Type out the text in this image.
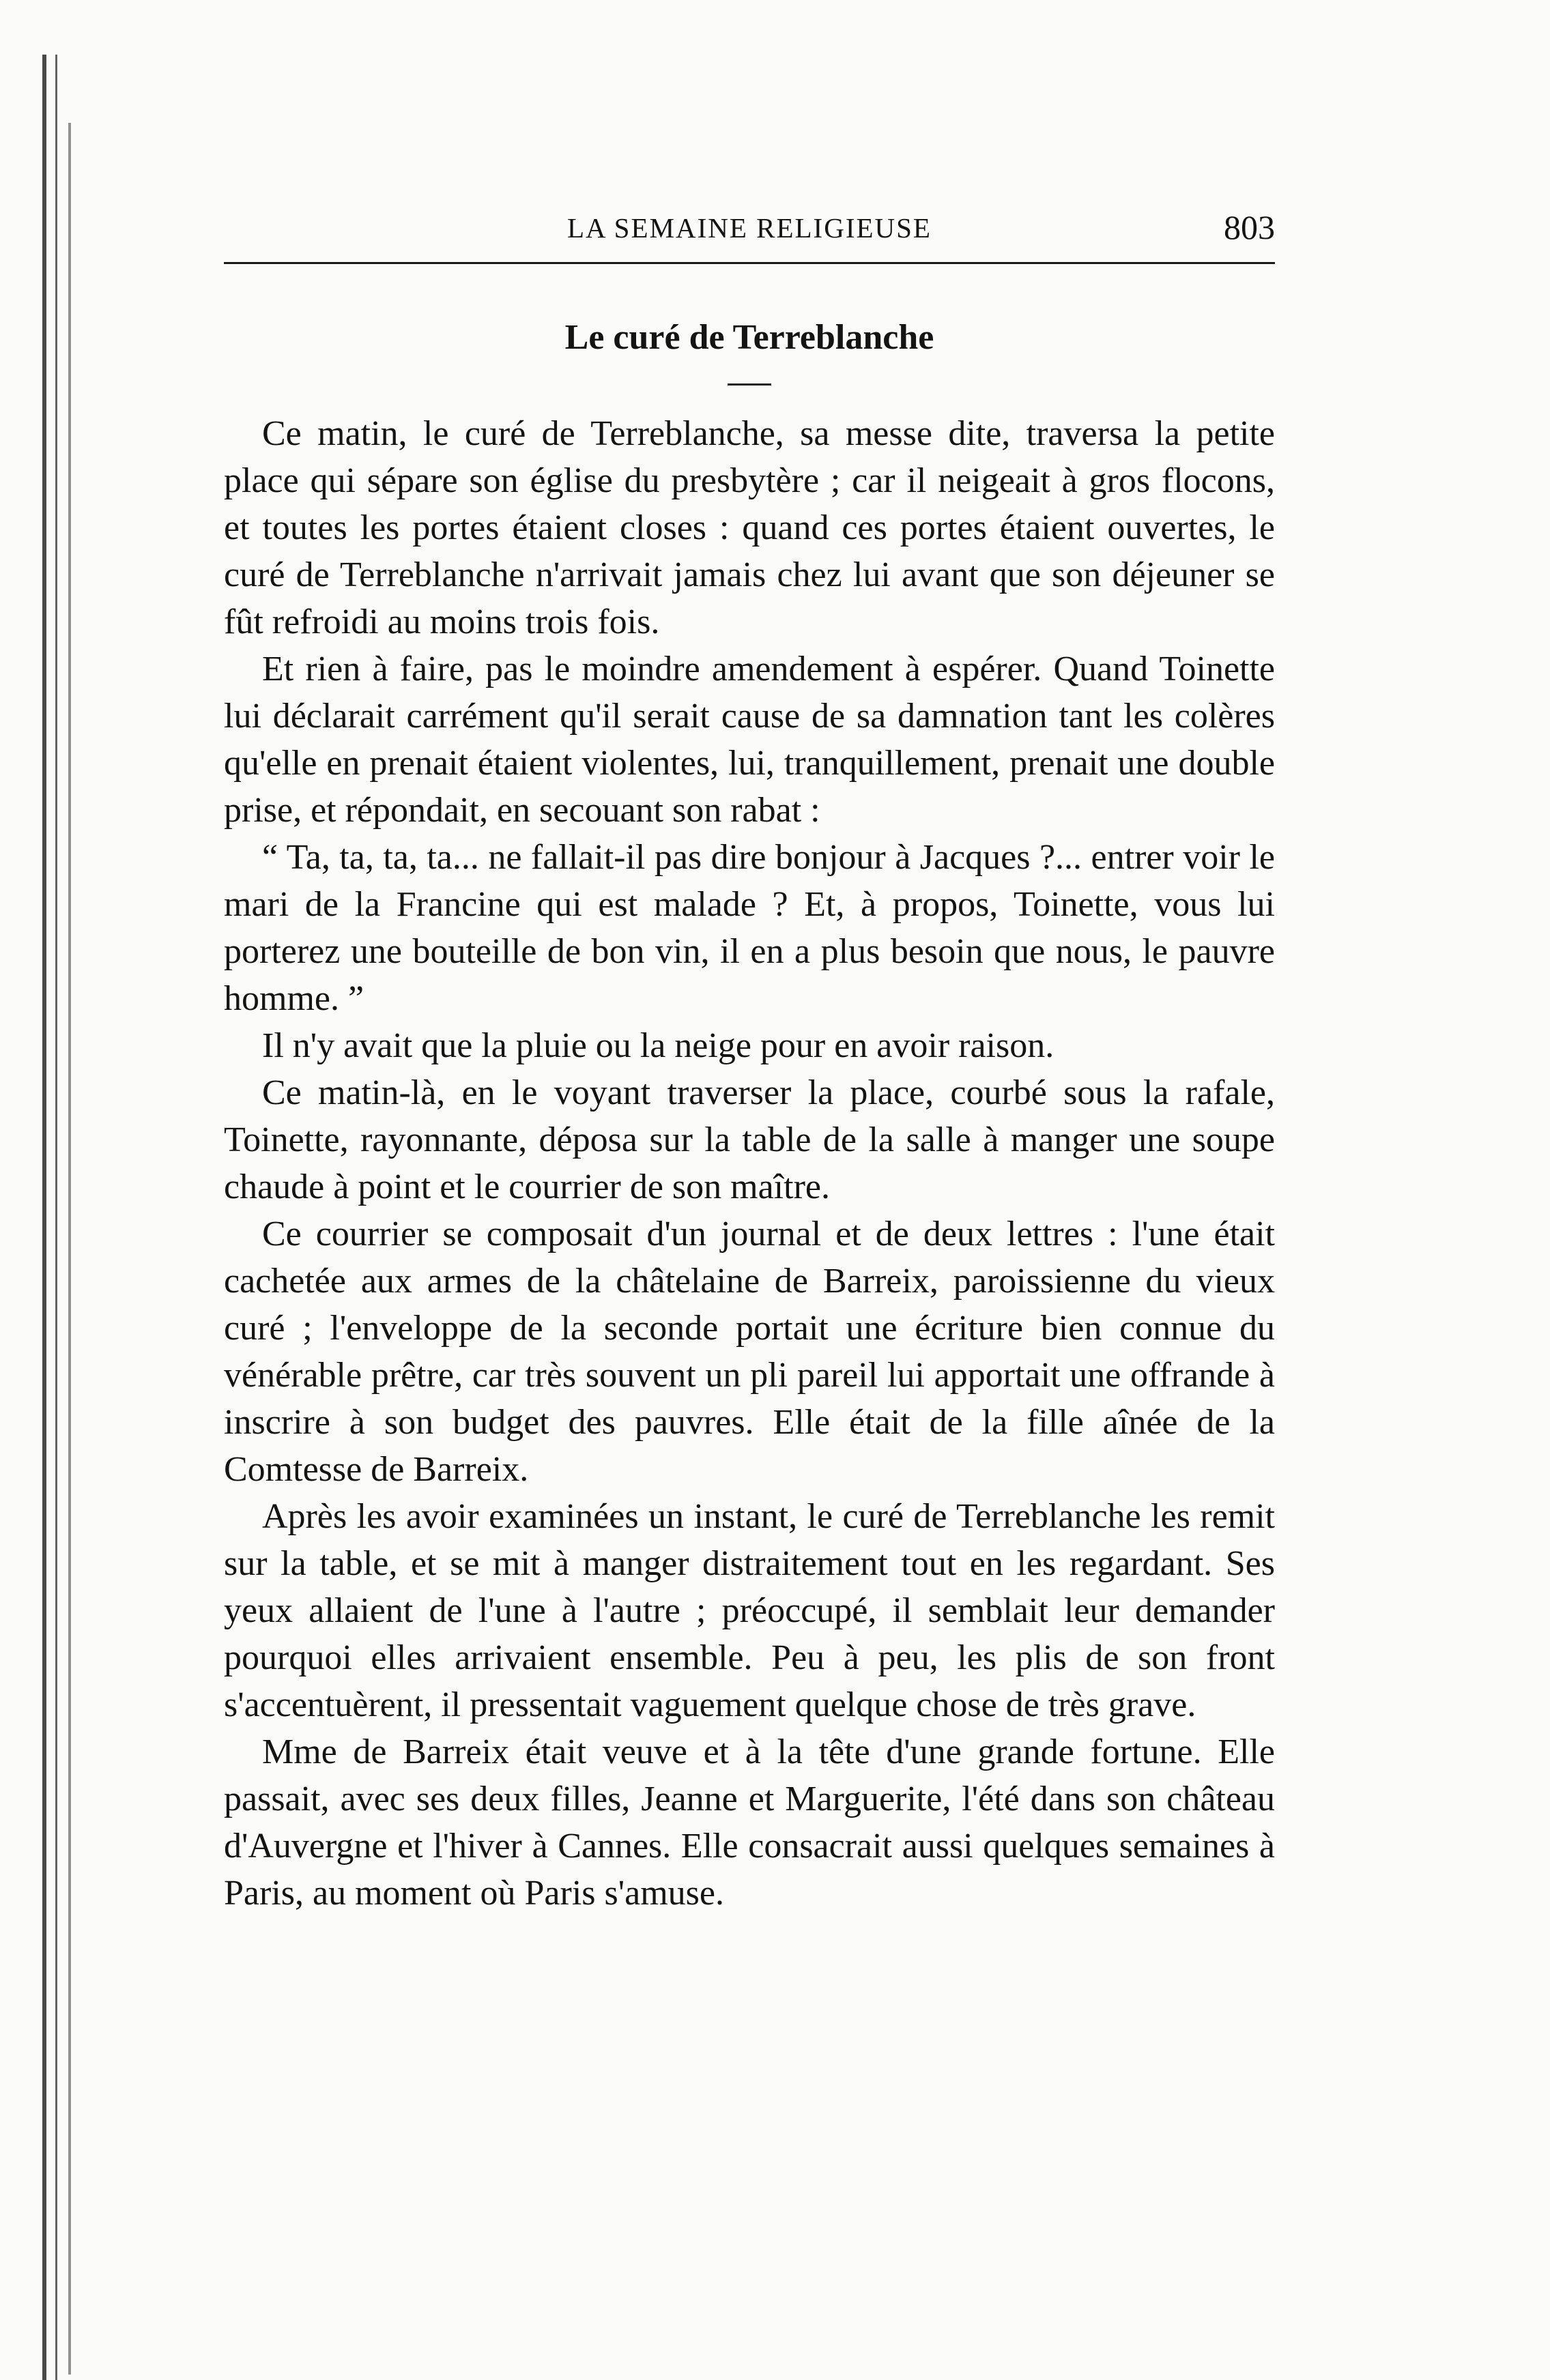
LA SEMAINE RELIGIEUSE	803
Le curé de Terreblanche

Ce matin, le curé de Terreblanche, sa messe dite, traversa la petite place qui sépare son église du presbytère ; car il neigeait à gros flocons, et toutes les portes étaient closes : quand ces portes étaient ouvertes, le curé de Terreblanche n'arrivait jamais chez lui avant que son déjeuner se fût refroidi au moins trois fois.

Et rien à faire, pas le moindre amendement à espérer. Quand Toinette lui déclarait carrément qu'il serait cause de sa damnation tant les colères qu'elle en prenait étaient violentes, lui, tranquillement, prenait une double prise, et répondait, en secouant son rabat :

“ Ta, ta, ta, ta... ne fallait-il pas dire bonjour à Jacques ?... entrer voir le mari de la Francine qui est malade ? Et, à propos, Toinette, vous lui porterez une bouteille de bon vin, il en a plus besoin que nous, le pauvre homme. ”

Il n'y avait que la pluie ou la neige pour en avoir raison.

Ce matin-là, en le voyant traverser la place, courbé sous la rafale, Toinette, rayonnante, déposa sur la table de la salle à manger une soupe chaude à point et le courrier de son maître.

Ce courrier se composait d'un journal et de deux lettres : l'une était cachetée aux armes de la châtelaine de Barreix, paroissienne du vieux curé ; l'enveloppe de la seconde portait une écriture bien connue du vénérable prêtre, car très souvent un pli pareil lui apportait une offrande à inscrire à son budget des pauvres. Elle était de la fille aînée de la Comtesse de Barreix.

Après les avoir examinées un instant, le curé de Terreblanche les remit sur la table, et se mit à manger distraitement tout en les regardant. Ses yeux allaient de l'une à l'autre ; préoccupé, il semblait leur demander pourquoi elles arrivaient ensemble. Peu à peu, les plis de son front s'accentuèrent, il pressentait vaguement quelque chose de très grave.

Mme de Barreix était veuve et à la tête d'une grande fortune. Elle passait, avec ses deux filles, Jeanne et Marguerite, l'été dans son château d'Auvergne et l'hiver à Cannes. Elle consacrait aussi quelques semaines à Paris, au moment où Paris s'amuse.
